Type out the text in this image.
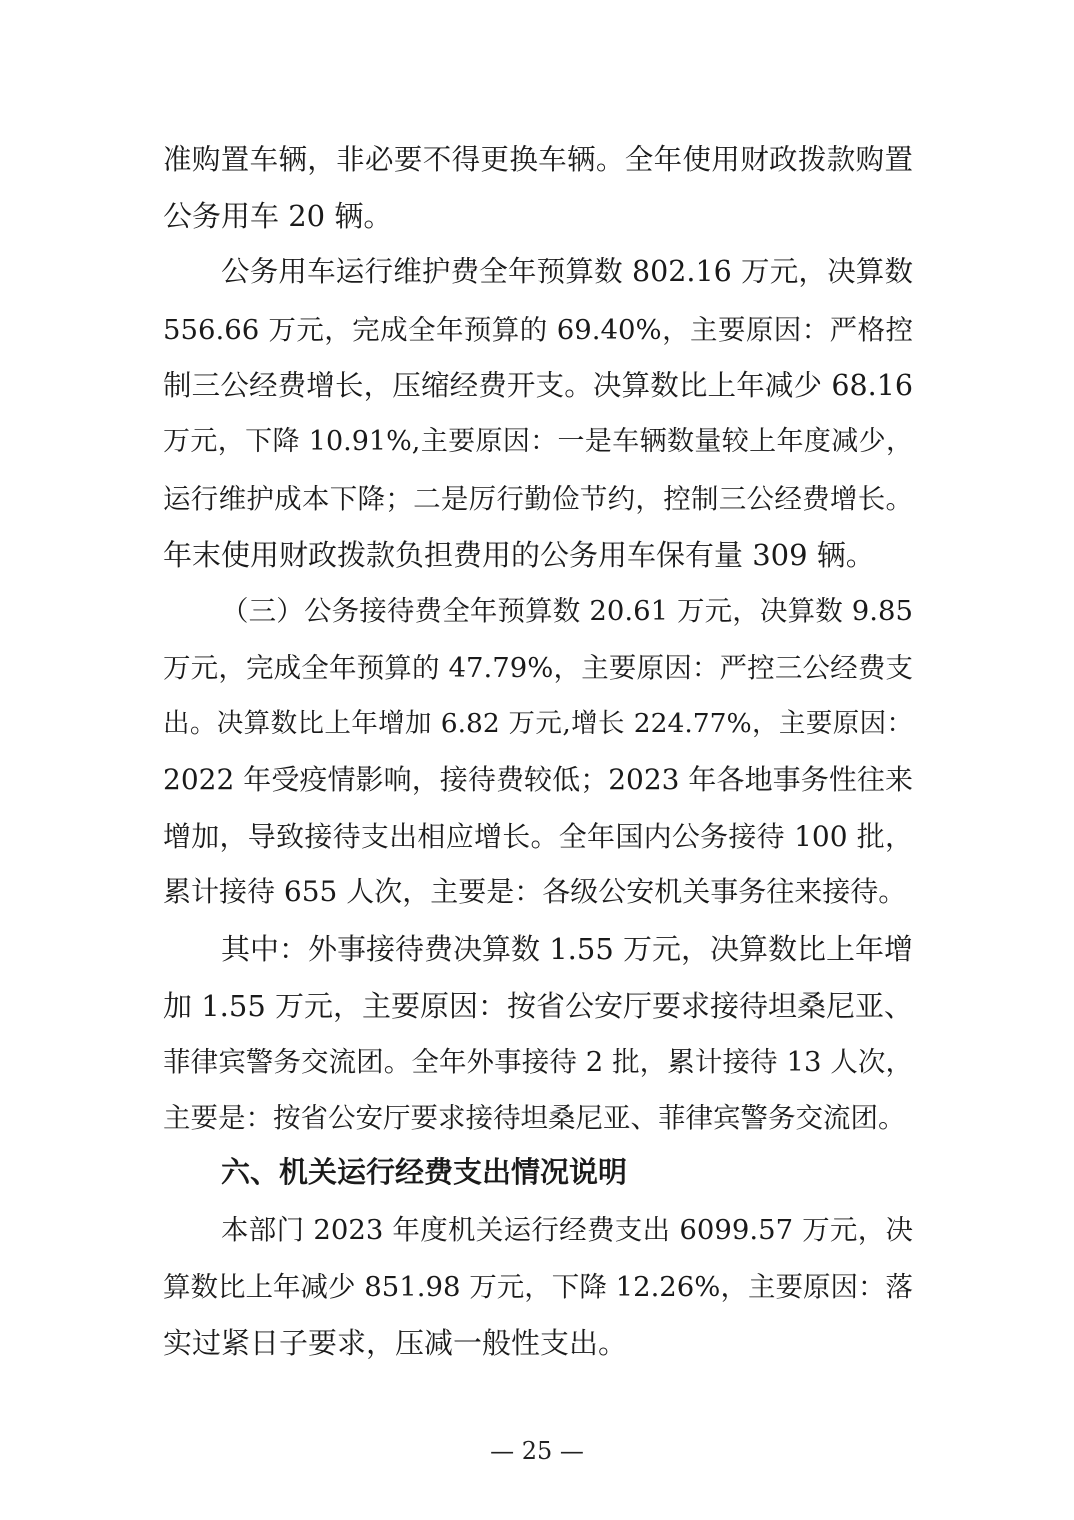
准购置车辆，非必要不得更换车辆。全年使用财政拨款购置
公务用车 20 辆。
公务用车运行维护费全年预算数 802.16 万元，决算数
556.66 万元，完成全年预算的 69.40%，主要原因：严格控
制三公经费增长，压缩经费开支。决算数比上年减少 68.16
万元，下降 10.91%,主要原因：一是车辆数量较上年度减少，
运行维护成本下降；二是厉行勤俭节约，控制三公经费增长。
年末使用财政拨款负担费用的公务用车保有量 309 辆。
（三）公务接待费全年预算数 20.61 万元，决算数 9.85
万元，完成全年预算的 47.79%，主要原因：严控三公经费支
出。决算数比上年增加 6.82 万元,增长 224.77%，主要原因：
2022 年受疫情影响，接待费较低；2023 年各地事务性往来
增加，导致接待支出相应增长。全年国内公务接待 100 批，
累计接待 655 人次，主要是：各级公安机关事务往来接待。
其中：外事接待费决算数 1.55 万元，决算数比上年增
加 1.55 万元，主要原因：按省公安厅要求接待坦桑尼亚、
菲律宾警务交流团。全年外事接待 2 批，累计接待 13 人次，
主要是：按省公安厅要求接待坦桑尼亚、菲律宾警务交流团。
六、机关运行经费支出情况说明
本部门 2023 年度机关运行经费支出 6099.57 万元，决
算数比上年减少 851.98 万元，下降 12.26%，主要原因：落
实过紧日子要求，压减一般性支出。
— 25 —
